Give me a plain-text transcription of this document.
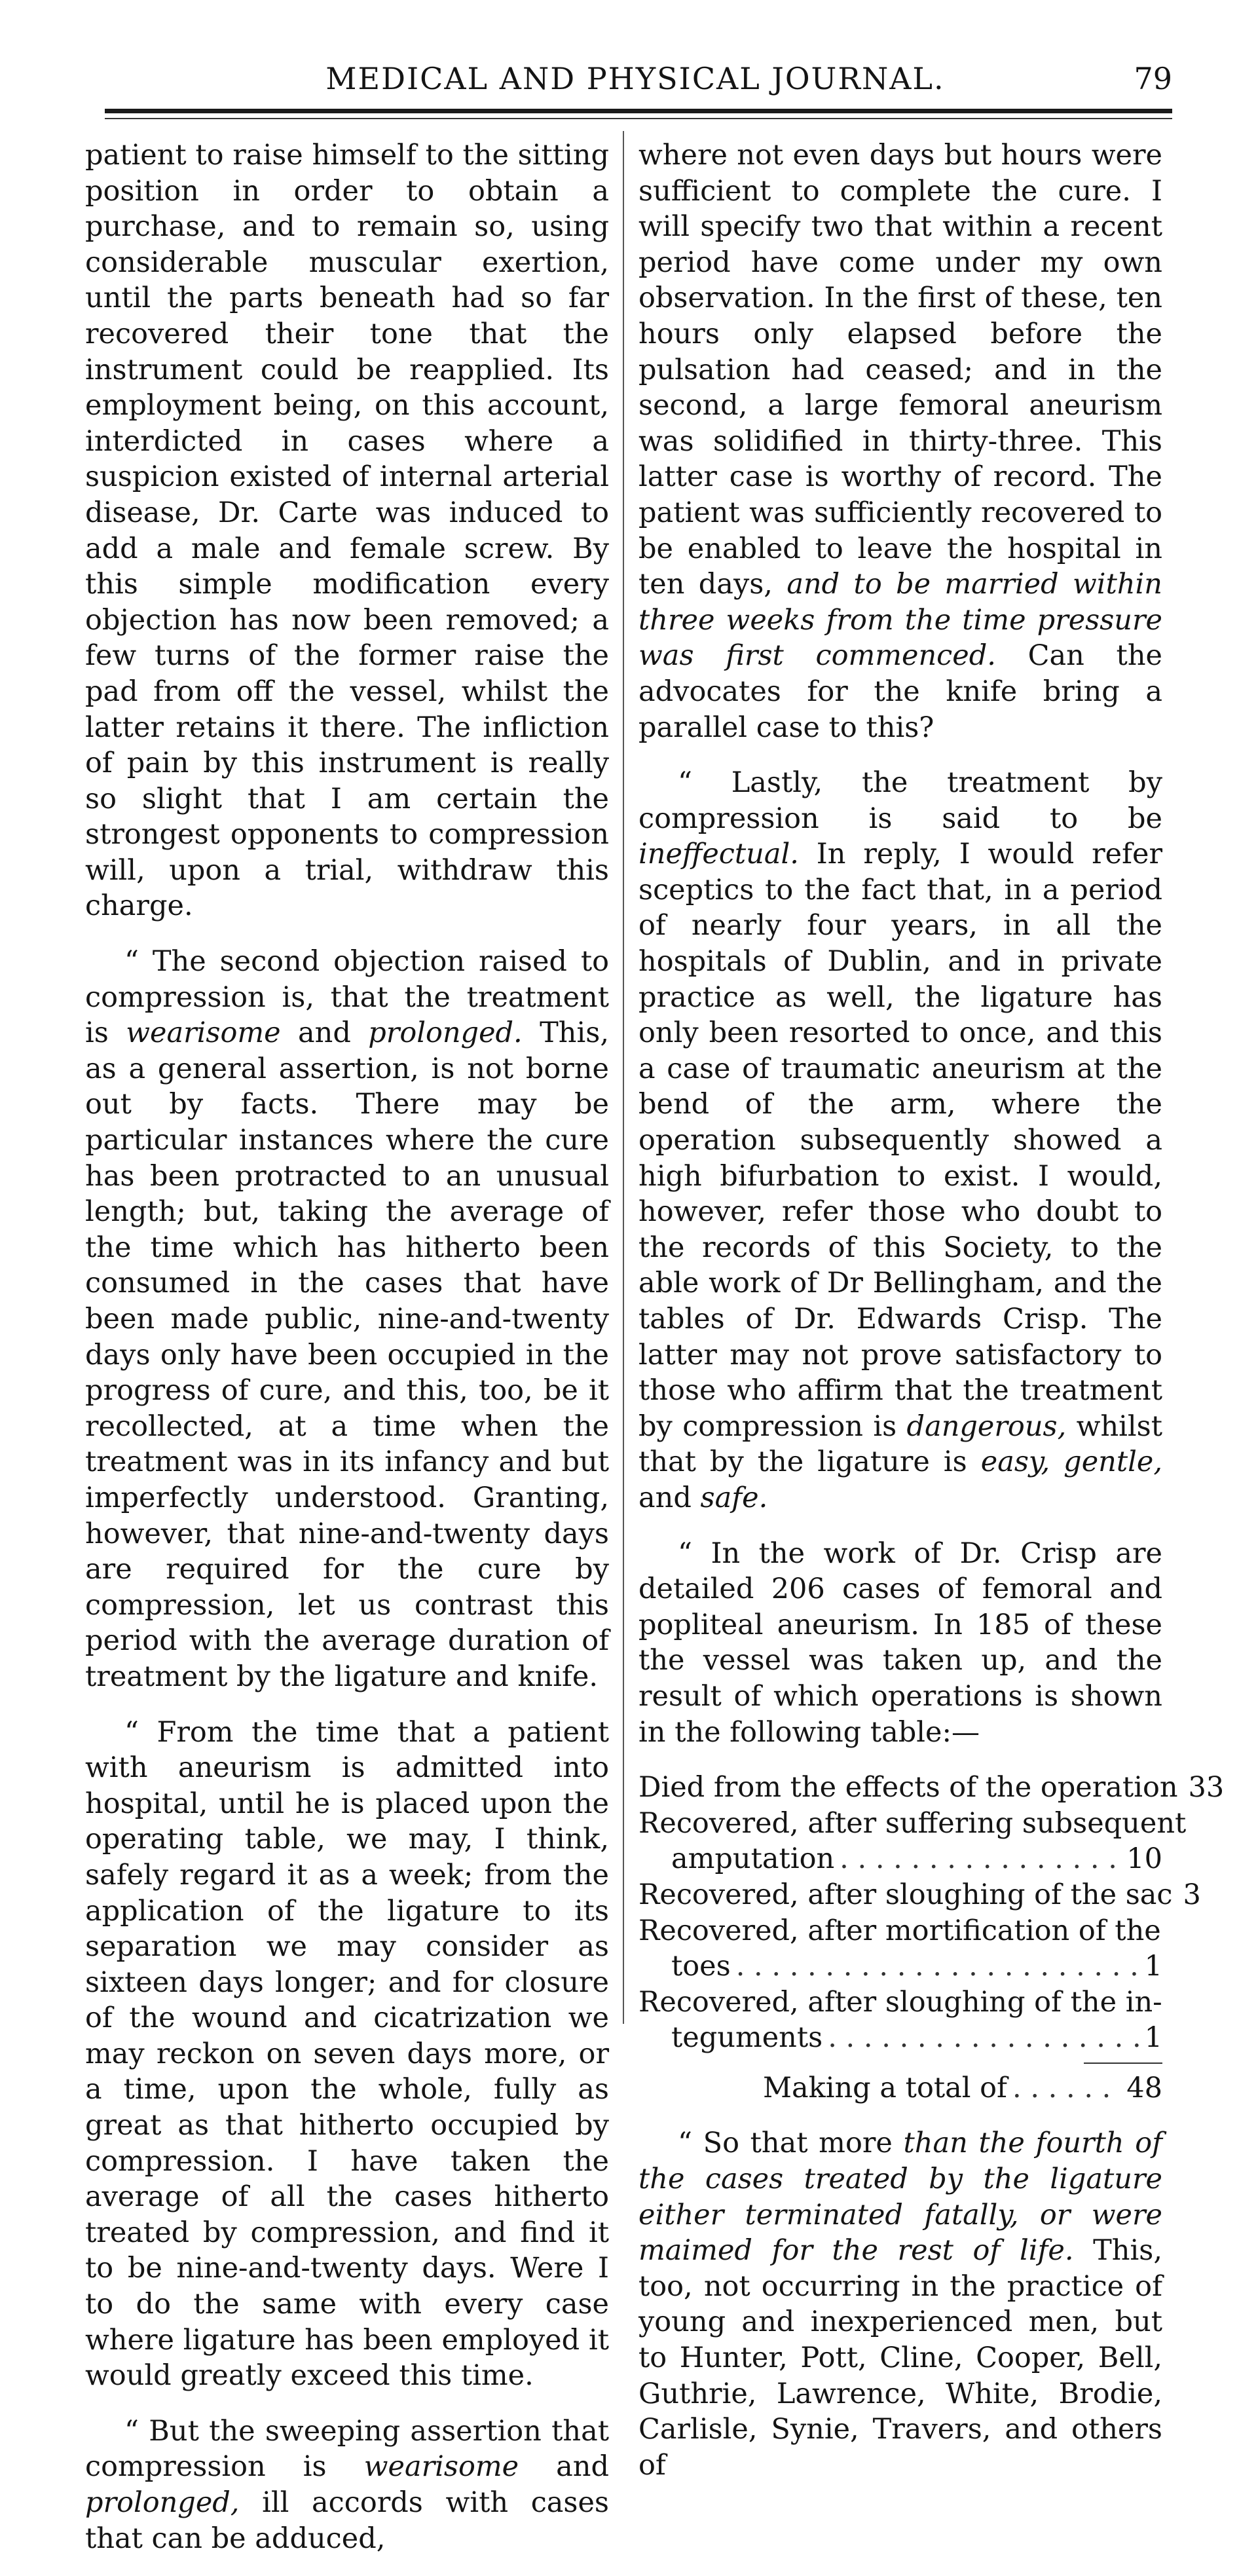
MEDICAL AND PHYSICAL JOURNAL.	79

patient to raise himself to the sitting position in order to obtain a purchase, and to remain so, using considerable muscular exertion, until the parts beneath had so far recovered their tone that the instrument could be reapplied. Its employment being, on this account, interdicted in cases where a suspicion existed of internal arterial disease, Dr. Carte was induced to add a male and female screw. By this simple modification every objection has now been removed; a few turns of the former raise the pad from off the vessel, whilst the latter retains it there. The infliction of pain by this instrument is really so slight that I am certain the strongest opponents to compression will, upon a trial, withdraw this charge.

“ The second objection raised to compression is, that the treatment is wearisome and prolonged. This, as a general assertion, is not borne out by facts. There may be particular instances where the cure has been protracted to an unusual length; but, taking the average of the time which has hitherto been consumed in the cases that have been made public, nine-and-twenty days only have been occupied in the progress of cure, and this, too, be it recollected, at a time when the treatment was in its infancy and but imperfectly understood. Granting, however, that nine-and-twenty days are required for the cure by compression, let us contrast this period with the average duration of treatment by the ligature and knife.

“ From the time that a patient with aneurism is admitted into hospital, until he is placed upon the operating table, we may, I think, safely regard it as a week; from the application of the ligature to its separation we may consider as sixteen days longer; and for closure of the wound and cicatrization we may reckon on seven days more, or a time, upon the whole, fully as great as that hitherto occupied by compression. I have taken the average of all the cases hitherto treated by compression, and find it to be nine-and-twenty days. Were I to do the same with every case where ligature has been employed it would greatly exceed this time.

“ But the sweeping assertion that compression is wearisome and prolonged, ill accords with cases that can be adduced,

where not even days but hours were sufficient to complete the cure. I will specify two that within a recent period have come under my own observation. In the first of these, ten hours only elapsed before the pulsation had ceased; and in the second, a large femoral aneurism was solidified in thirty-three. This latter case is worthy of record. The patient was sufficiently recovered to be enabled to leave the hospital in ten days, and to be married within three weeks from the time pressure was first commenced. Can the advocates for the knife bring a parallel case to this?

“ Lastly, the treatment by compression is said to be ineffectual. In reply, I would refer sceptics to the fact that, in a period of nearly four years, in all the hospitals of Dublin, and in private practice as well, the ligature has only been resorted to once, and this a case of traumatic aneurism at the bend of the arm, where the operation subsequently showed a high bifurbation to exist. I would, however, refer those who doubt to the records of this Society, to the able work of Dr Bellingham, and the tables of Dr. Edwards Crisp. The latter may not prove satisfactory to those who affirm that the treatment by compression is dangerous, whilst that by the ligature is easy, gentle, and safe.

“ In the work of Dr. Crisp are detailed 206 cases of femoral and popliteal aneurism. In 185 of these the vessel was taken up, and the result of which operations is shown in the following table:—

Died from the effects of the operation 33
Recovered, after suffering subsequent
amputation . . .	10
Recovered, after sloughing of the sac 3
Recovered, after mortification of the
toes . . .	1
Recovered, after sloughing of the in-
teguments . . .	1
Making a total of . . .	48

“ So that more than the fourth of the cases treated by the ligature either terminated fatally, or were maimed for the rest of life. This, too, not occurring in the practice of young and inexperienced men, but to Hunter, Pott, Cline, Cooper, Bell, Guthrie, Lawrence, White, Brodie, Carlisle, Synie, Travers, and others of
